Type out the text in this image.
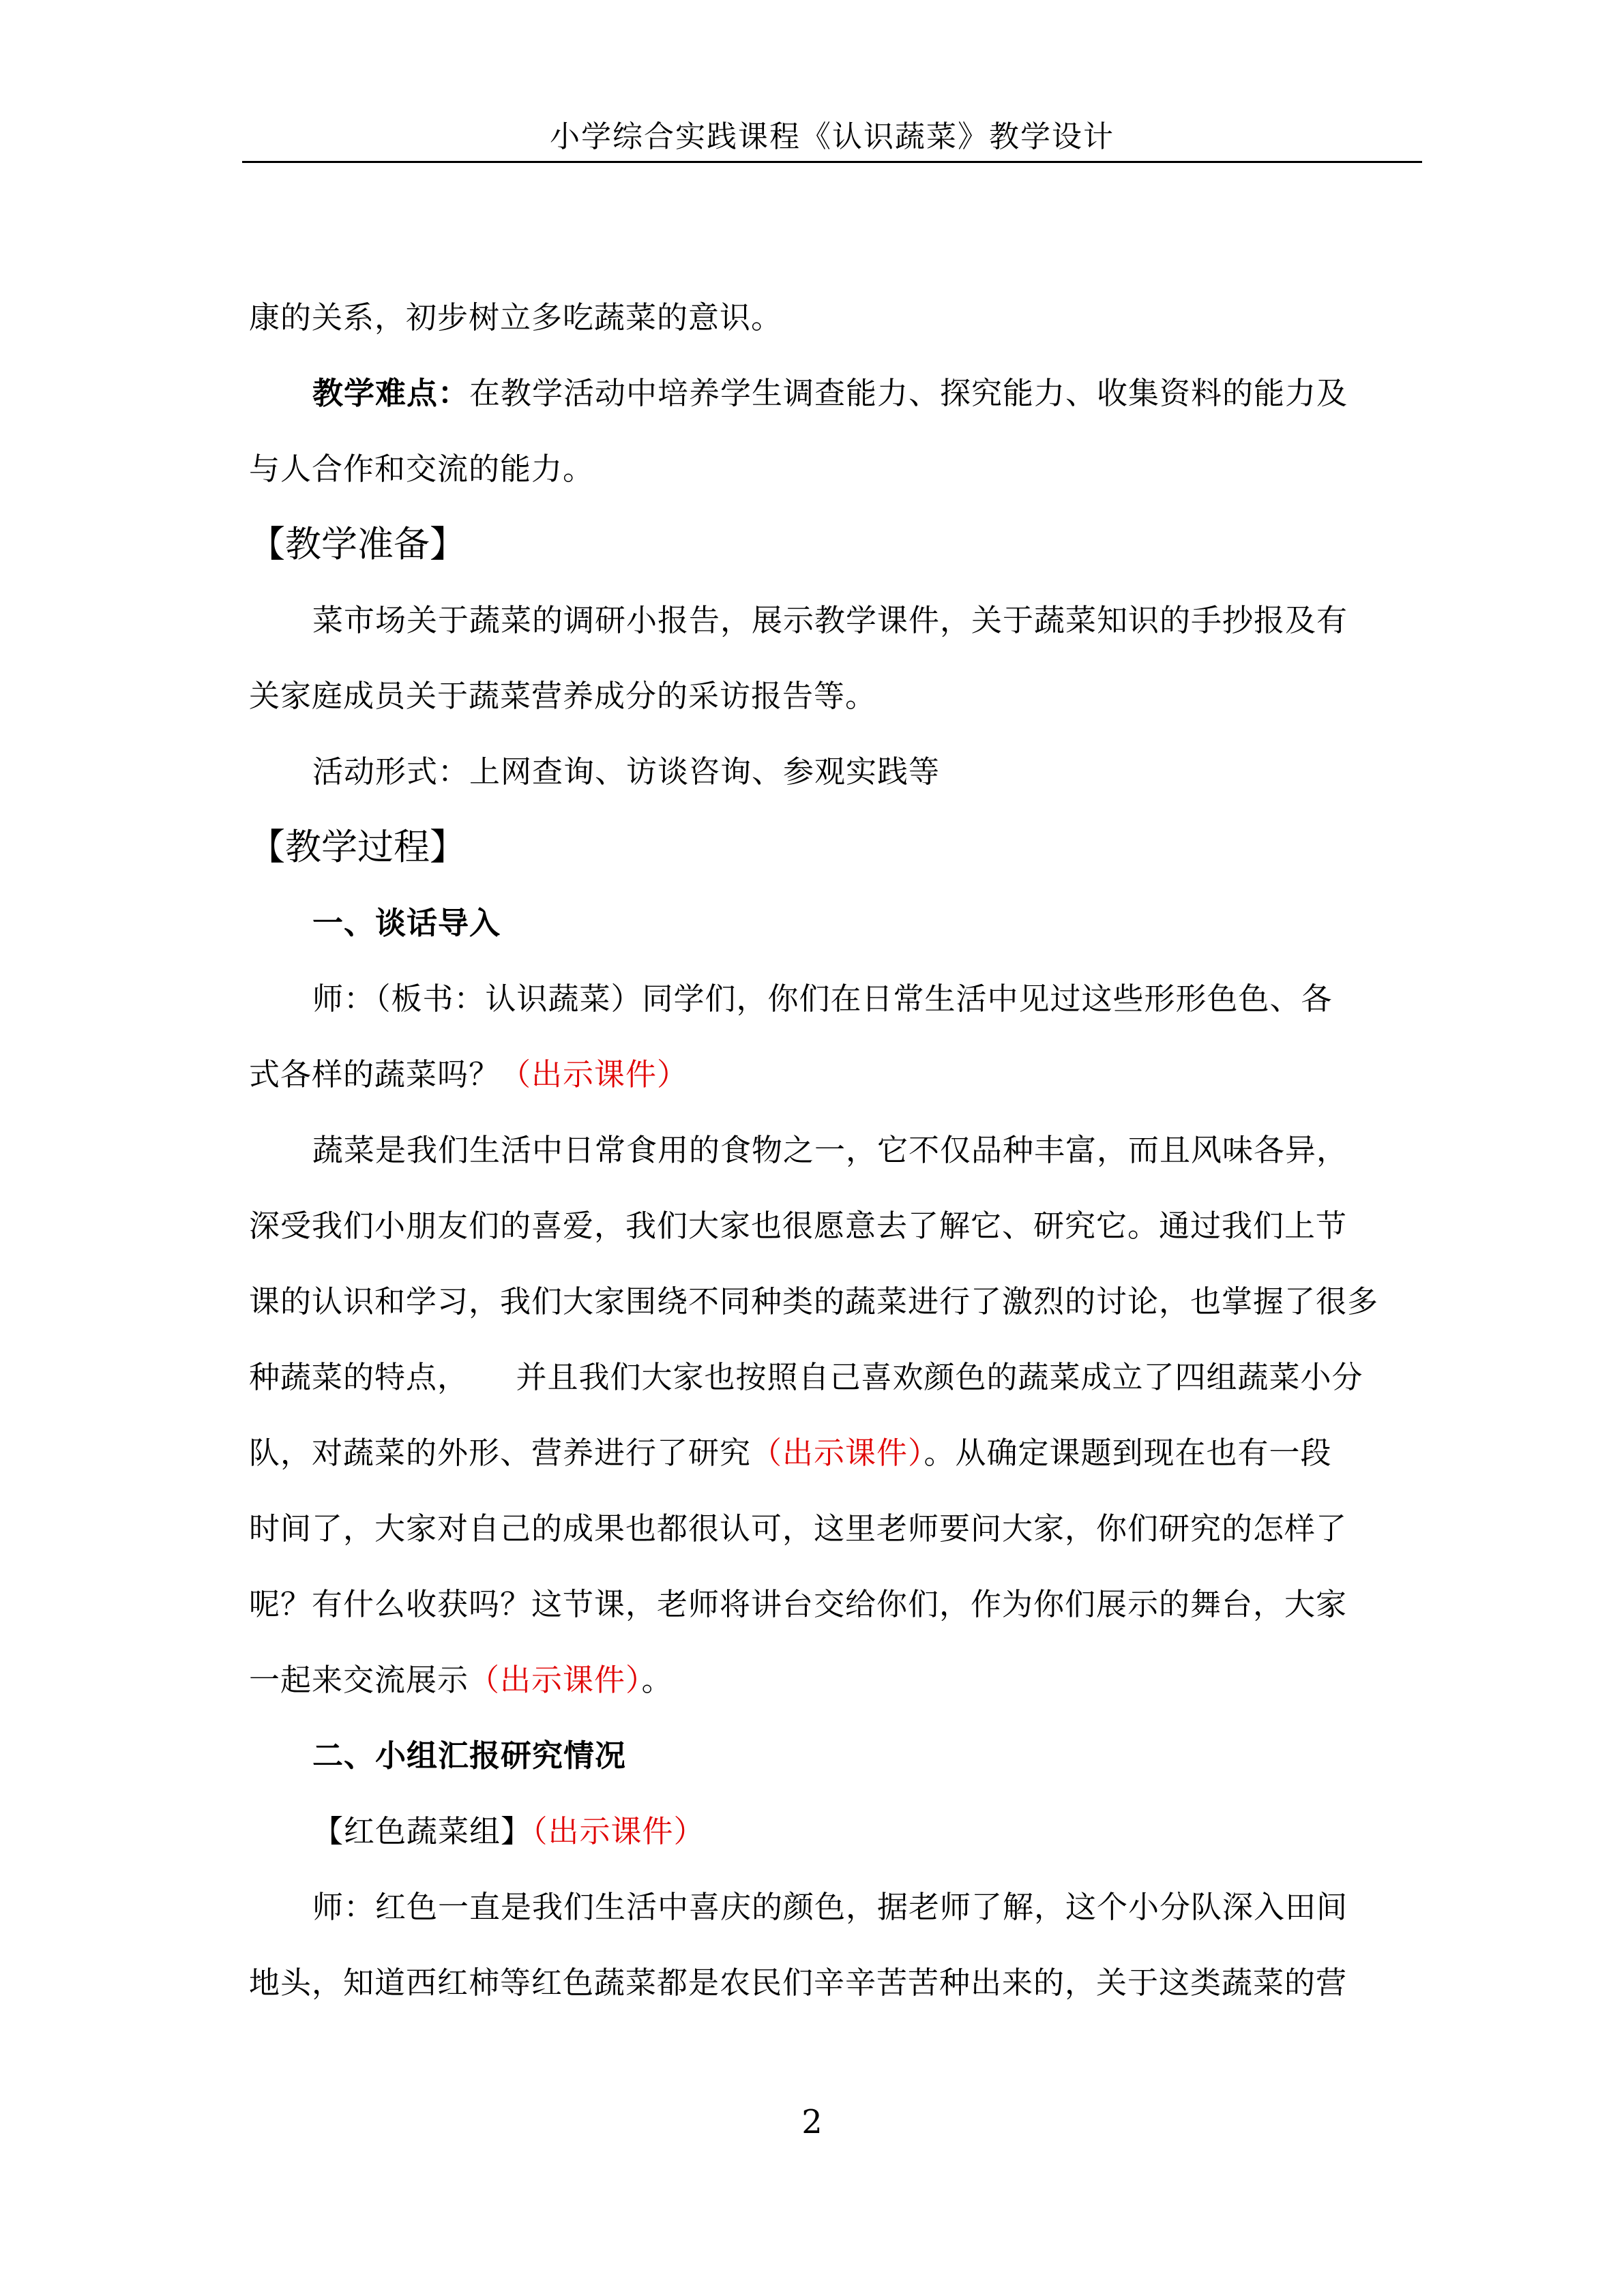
小学综合实践课程《认识蔬菜》教学设计

康的关系，初步树立多吃蔬菜的意识。

教学难点：在教学活动中培养学生调查能力、探究能力、收集资料的能力及

与人合作和交流的能力。

【教学准备】

菜市场关于蔬菜的调研小报告，展示教学课件，关于蔬菜知识的手抄报及有

关家庭成员关于蔬菜营养成分的采访报告等。

活动形式：上网查询、访谈咨询、参观实践等

【教学过程】

一、谈话导入

师：（板书：认识蔬菜）同学们，你们在日常生活中见过这些形形色色、各

式各样的蔬菜吗？（出示课件）

蔬菜是我们生活中日常食用的食物之一，它不仅品种丰富，而且风味各异，

深受我们小朋友们的喜爱，我们大家也很愿意去了解它、研究它。通过我们上节

课的认识和学习，我们大家围绕不同种类的蔬菜进行了激烈的讨论，也掌握了很多

种蔬菜的特点，　　并且我们大家也按照自己喜欢颜色的蔬菜成立了四组蔬菜小分

队，对蔬菜的外形、营养进行了研究（出示课件）。从确定课题到现在也有一段

时间了，大家对自己的成果也都很认可，这里老师要问大家，你们研究的怎样了

呢？有什么收获吗？这节课，老师将讲台交给你们，作为你们展示的舞台，大家

一起来交流展示（出示课件）。

二、小组汇报研究情况

【红色蔬菜组】（出示课件）

师：红色一直是我们生活中喜庆的颜色，据老师了解，这个小分队深入田间

地头，知道西红柿等红色蔬菜都是农民们辛辛苦苦种出来的，关于这类蔬菜的营

2
